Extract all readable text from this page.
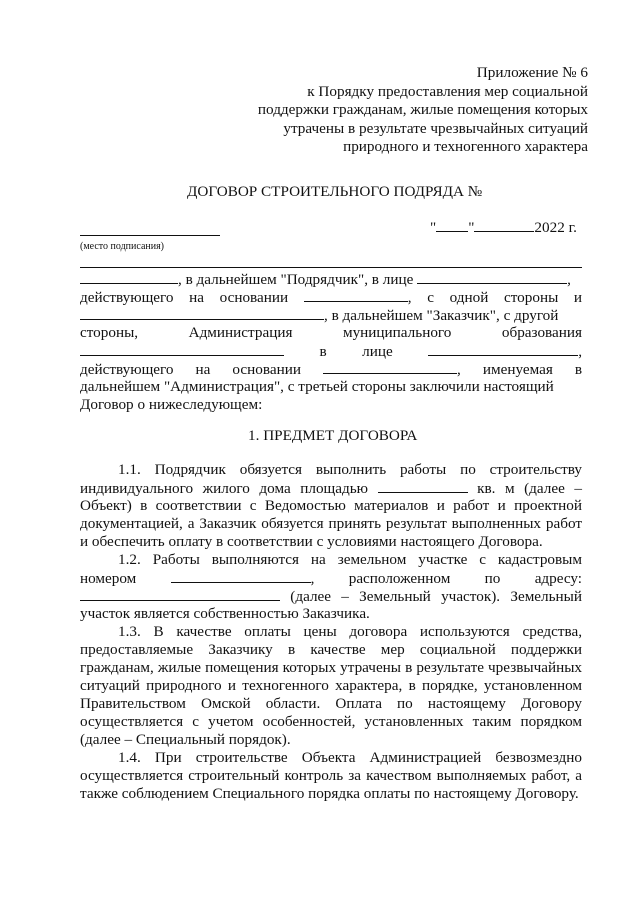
Приложение № 6
к Порядку предоставления мер социальной
поддержки гражданам, жилые помещения которых
утрачены в результате чрезвычайных ситуаций
природного и техногенного характера
ДОГОВОР СТРОИТЕЛЬНОГО ПОДРЯДА №
(место подписания)
" "	2022 г.
, в дальнейшем "Подрядчик", в лице	,
действующего на основании	, с одной стороны и
, в дальнейшем "Заказчик", с другой
стороны,	Администрация	муниципального	образования
в лице	,
действующего на основании	, именуемая в
дальнейшем "Администрация", с третьей стороны заключили настоящий
Договор о нижеследующем:
1. ПРЕДМЕТ ДОГОВОРА
1.1. Подрядчик обязуется выполнить работы по строительству
индивидуального жилого дома площадью	кв. м (далее –
Объект) в соответствии с Ведомостью материалов и работ и проектной
документацией, а Заказчик обязуется принять результат выполненных работ
и обеспечить оплату в соответствии с условиями настоящего Договора.
1.2. Работы выполняются на земельном участке с кадастровым
номером	, расположенном по адресу:
(далее – Земельный участок). Земельный
участок является собственностью Заказчика.
1.3. В качестве оплаты цены договора используются средства,
предоставляемые Заказчику в качестве мер социальной поддержки
гражданам, жилые помещения которых утрачены в результате чрезвычайных
ситуаций природного и техногенного характера, в порядке, установленном
Правительством Омской области. Оплата по настоящему Договору
осуществляется с учетом особенностей, установленных таким порядком
(далее – Специальный порядок).
1.4. При строительстве Объекта Администрацией безвозмездно
осуществляется строительный контроль за качеством выполняемых работ, а
также соблюдением Специального порядка оплаты по настоящему Договору.
